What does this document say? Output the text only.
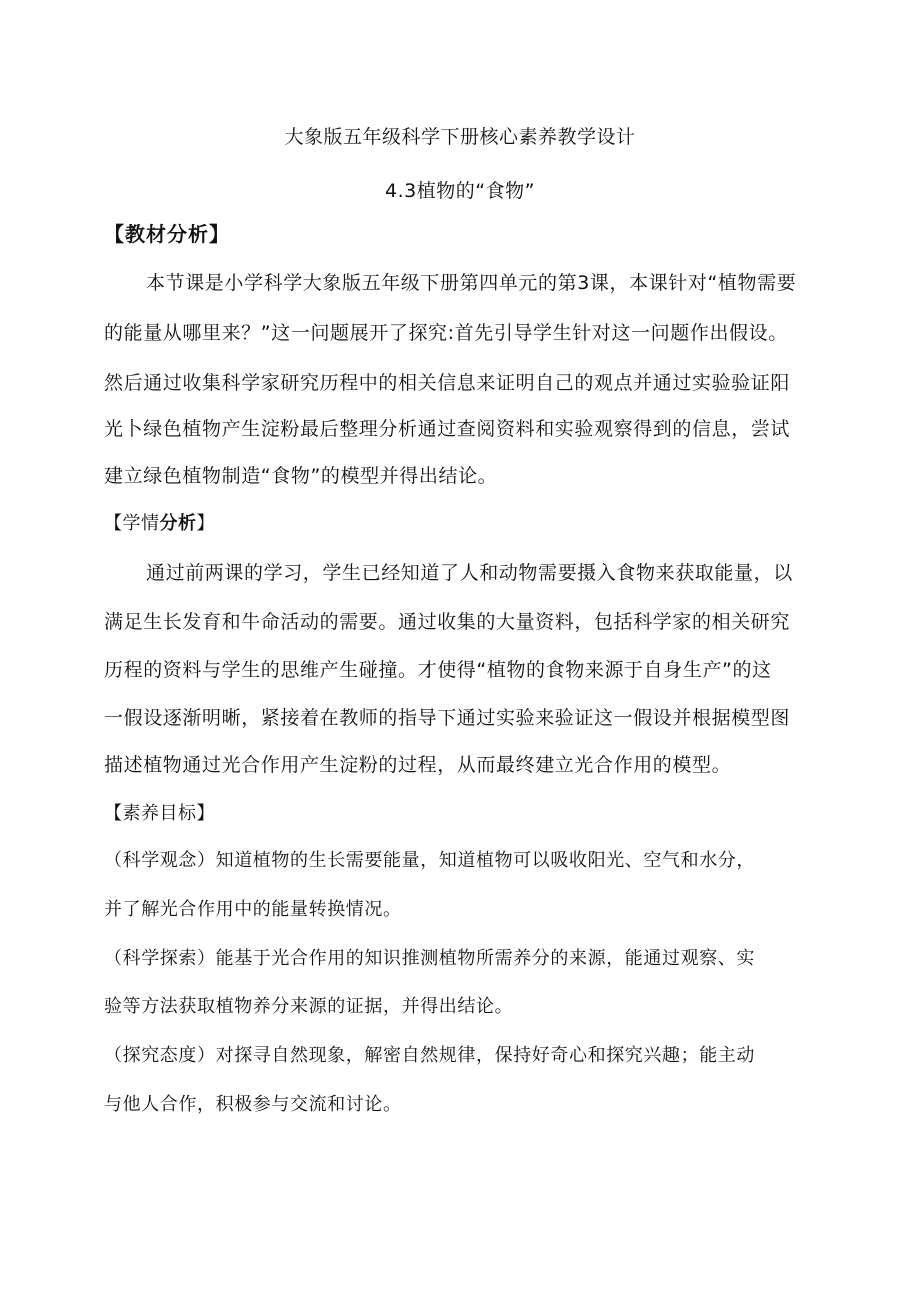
大象版五年级科学下册核心素养教学设计
4.3植物的“食物”
【教材分析】
本节课是小学科学大象版五年级下册第四单元的第3课，本课针对“植物需要
的能量从哪里来？”这一问题展开了探究:首先引导学生针对这一问题作出假设。
然后通过收集科学家研究历程中的相关信息来证明自己的观点并通过实验验证阳
光卜绿色植物产生淀粉最后整理分析通过查阅资料和实验观察得到的信息，尝试
建立绿色植物制造“食物”的模型并得出结论。
【学情分析】
通过前两课的学习，学生已经知道了人和动物需要摄入食物来获取能量，以
满足生长发育和牛命活动的需要。通过收集的大量资料，包括科学家的相关研究
历程的资料与学生的思维产生碰撞。才使得“植物的食物来源于自身生产”的这
一假设逐渐明晰，紧接着在教师的指导下通过实验来验证这一假设并根据模型图
描述植物通过光合作用产生淀粉的过程，从而最终建立光合作用的模型。
【素养目标】
（科学观念）知道植物的生长需要能量，知道植物可以吸收阳光、空气和水分，
并了解光合作用中的能量转换情况。
（科学探索）能基于光合作用的知识推测植物所需养分的来源，能通过观察、实
验等方法获取植物养分来源的证据，并得出结论。
（探究态度）对探寻自然现象，解密自然规律，保持好奇心和探究兴趣；能主动
与他人合作，积极参与交流和讨论。
